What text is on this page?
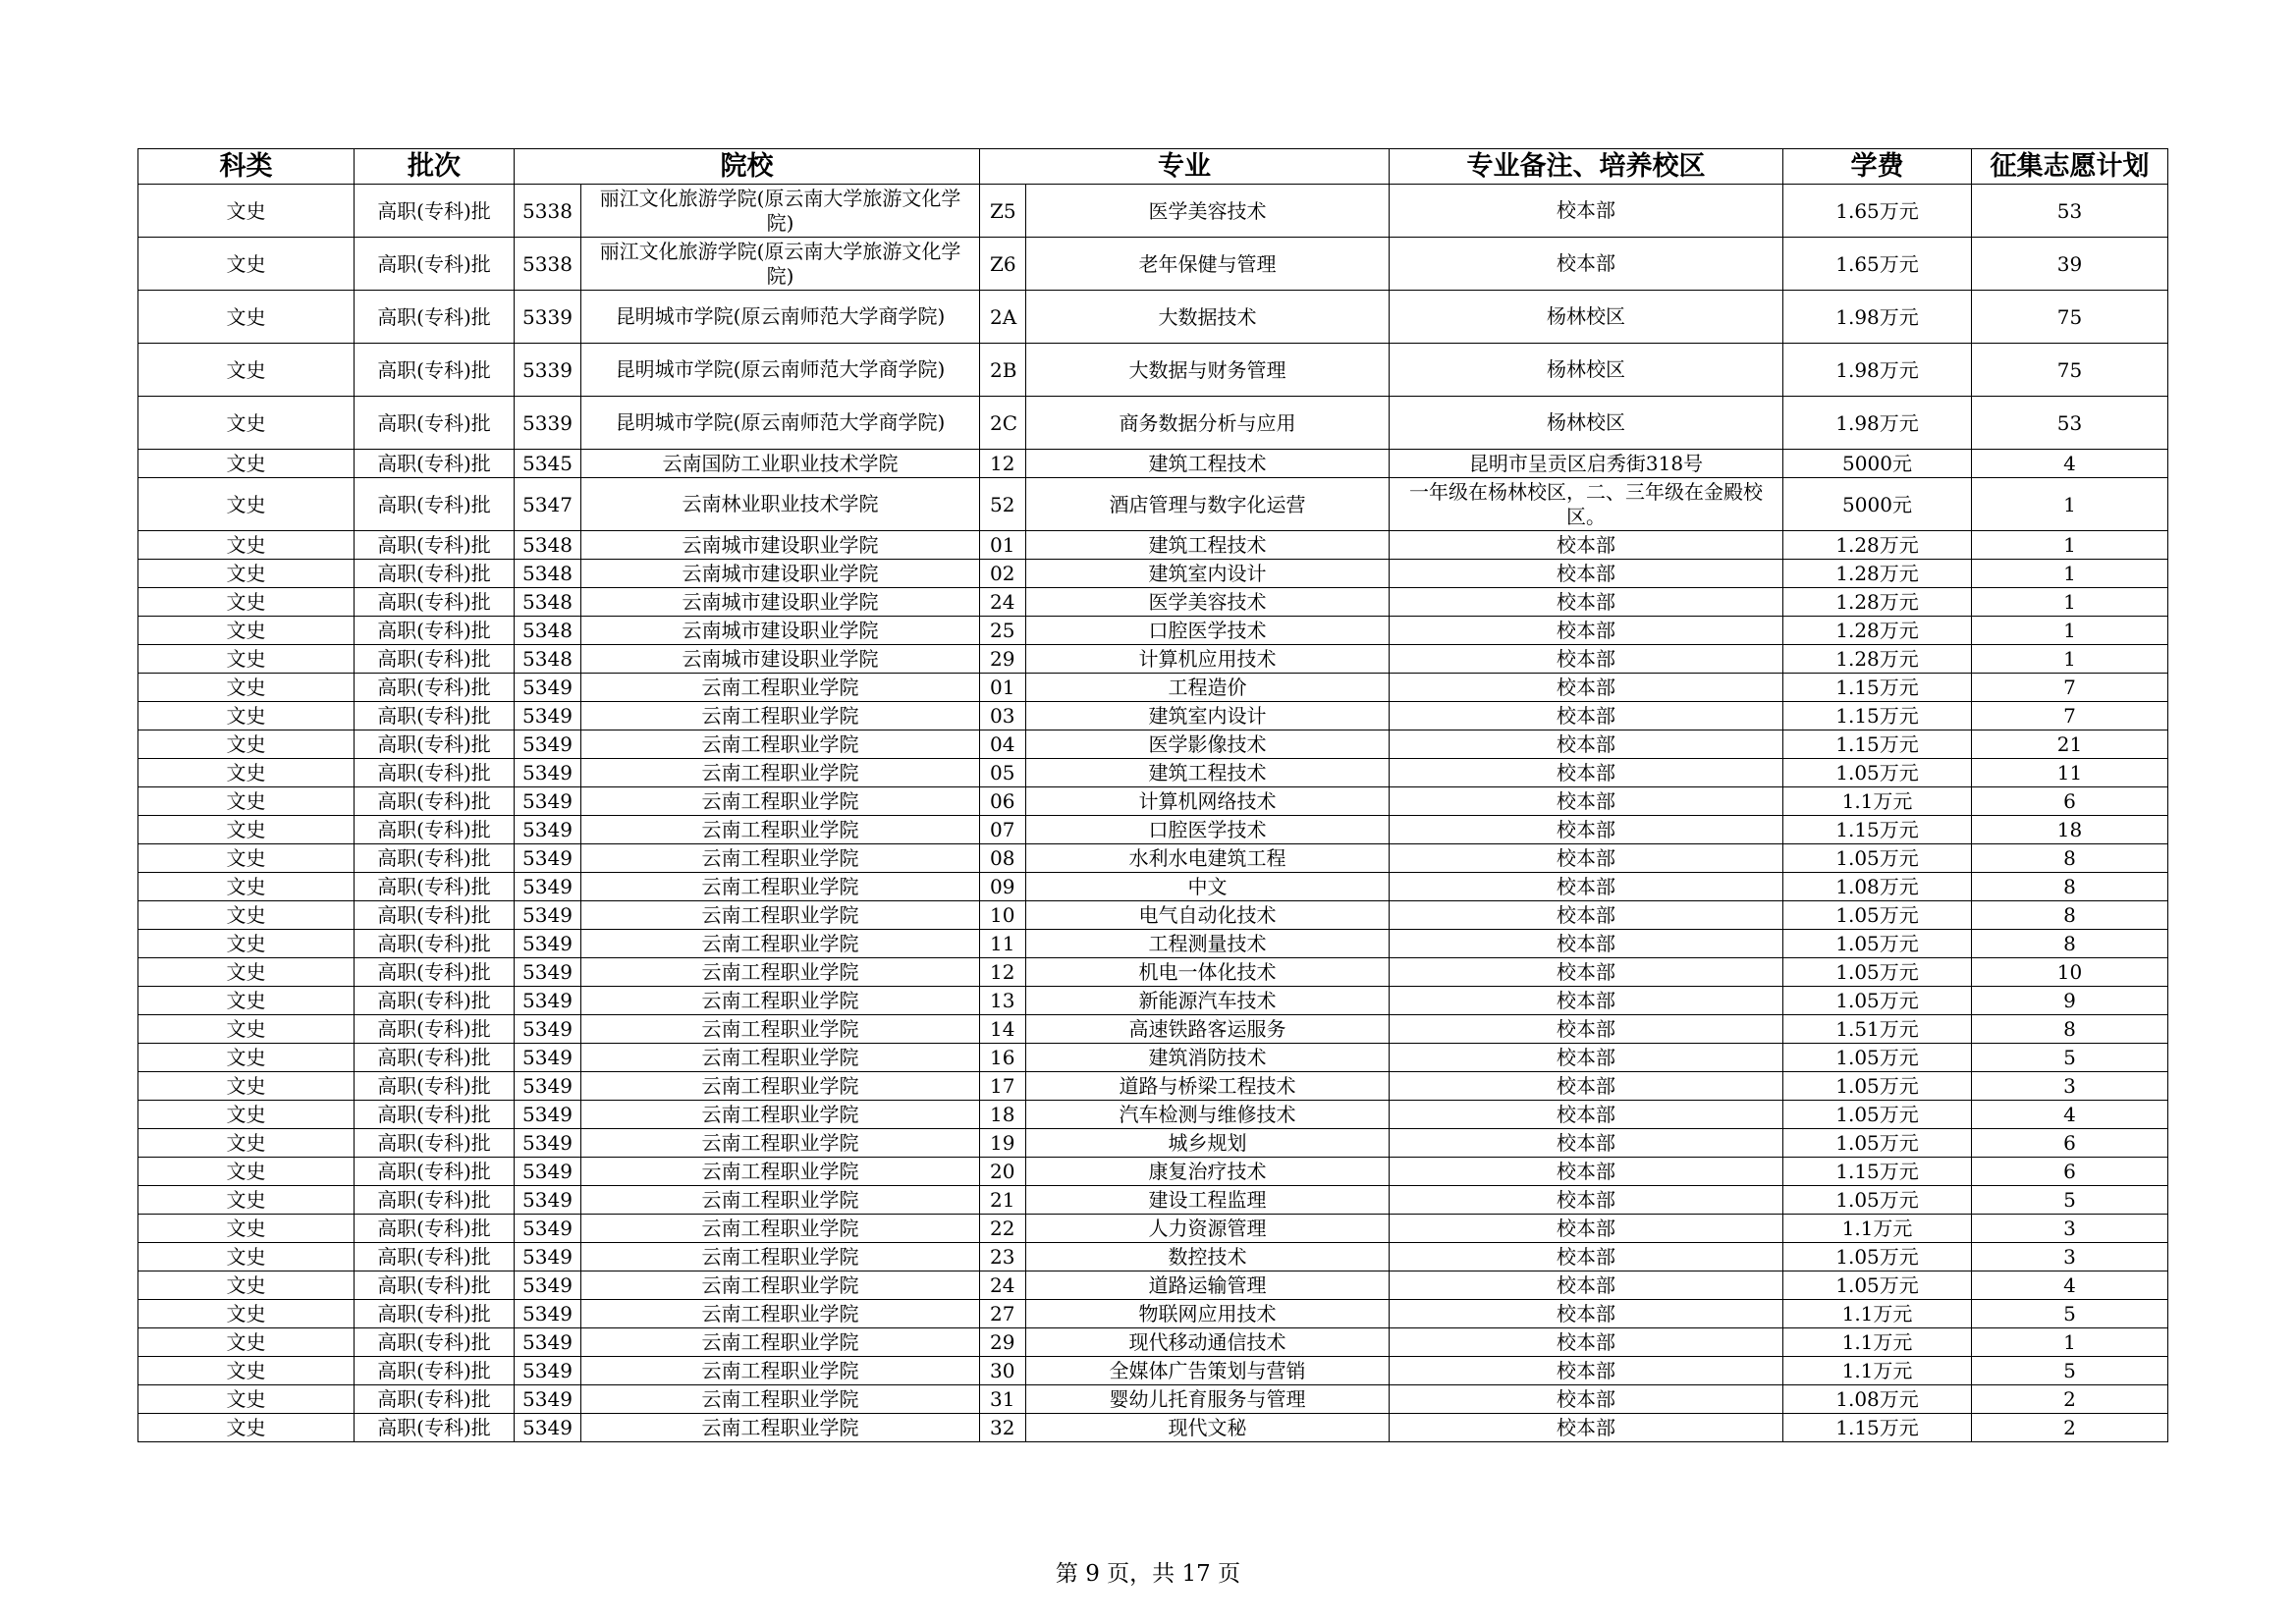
科类	批次	院校		专业		专业备注、培养校区	学费	征集志愿计划
文史	高职(专科)批	5338	丽江文化旅游学院(原云南大学旅游文化学院)	Z5	医学美容技术	校本部	1.65万元	53
文史	高职(专科)批	5338	丽江文化旅游学院(原云南大学旅游文化学院)	Z6	老年保健与管理	校本部	1.65万元	39
文史	高职(专科)批	5339	昆明城市学院(原云南师范大学商学院)	2A	大数据技术	杨林校区	1.98万元	75
文史	高职(专科)批	5339	昆明城市学院(原云南师范大学商学院)	2B	大数据与财务管理	杨林校区	1.98万元	75
文史	高职(专科)批	5339	昆明城市学院(原云南师范大学商学院)	2C	商务数据分析与应用	杨林校区	1.98万元	53
文史	高职(专科)批	5345	云南国防工业职业技术学院	12	建筑工程技术	昆明市呈贡区启秀街318号	5000元	4
文史	高职(专科)批	5347	云南林业职业技术学院	52	酒店管理与数字化运营	一年级在杨林校区，二、三年级在金殿校区。	5000元	1
文史	高职(专科)批	5348	云南城市建设职业学院	01	建筑工程技术	校本部	1.28万元	1
文史	高职(专科)批	5348	云南城市建设职业学院	02	建筑室内设计	校本部	1.28万元	1
文史	高职(专科)批	5348	云南城市建设职业学院	24	医学美容技术	校本部	1.28万元	1
文史	高职(专科)批	5348	云南城市建设职业学院	25	口腔医学技术	校本部	1.28万元	1
文史	高职(专科)批	5348	云南城市建设职业学院	29	计算机应用技术	校本部	1.28万元	1
文史	高职(专科)批	5349	云南工程职业学院	01	工程造价	校本部	1.15万元	7
文史	高职(专科)批	5349	云南工程职业学院	03	建筑室内设计	校本部	1.15万元	7
文史	高职(专科)批	5349	云南工程职业学院	04	医学影像技术	校本部	1.15万元	21
文史	高职(专科)批	5349	云南工程职业学院	05	建筑工程技术	校本部	1.05万元	11
文史	高职(专科)批	5349	云南工程职业学院	06	计算机网络技术	校本部	1.1万元	6
文史	高职(专科)批	5349	云南工程职业学院	07	口腔医学技术	校本部	1.15万元	18
文史	高职(专科)批	5349	云南工程职业学院	08	水利水电建筑工程	校本部	1.05万元	8
文史	高职(专科)批	5349	云南工程职业学院	09	中文	校本部	1.08万元	8
文史	高职(专科)批	5349	云南工程职业学院	10	电气自动化技术	校本部	1.05万元	8
文史	高职(专科)批	5349	云南工程职业学院	11	工程测量技术	校本部	1.05万元	8
文史	高职(专科)批	5349	云南工程职业学院	12	机电一体化技术	校本部	1.05万元	10
文史	高职(专科)批	5349	云南工程职业学院	13	新能源汽车技术	校本部	1.05万元	9
文史	高职(专科)批	5349	云南工程职业学院	14	高速铁路客运服务	校本部	1.51万元	8
文史	高职(专科)批	5349	云南工程职业学院	16	建筑消防技术	校本部	1.05万元	5
文史	高职(专科)批	5349	云南工程职业学院	17	道路与桥梁工程技术	校本部	1.05万元	3
文史	高职(专科)批	5349	云南工程职业学院	18	汽车检测与维修技术	校本部	1.05万元	4
文史	高职(专科)批	5349	云南工程职业学院	19	城乡规划	校本部	1.05万元	6
文史	高职(专科)批	5349	云南工程职业学院	20	康复治疗技术	校本部	1.15万元	6
文史	高职(专科)批	5349	云南工程职业学院	21	建设工程监理	校本部	1.05万元	5
文史	高职(专科)批	5349	云南工程职业学院	22	人力资源管理	校本部	1.1万元	3
文史	高职(专科)批	5349	云南工程职业学院	23	数控技术	校本部	1.05万元	3
文史	高职(专科)批	5349	云南工程职业学院	24	道路运输管理	校本部	1.05万元	4
文史	高职(专科)批	5349	云南工程职业学院	27	物联网应用技术	校本部	1.1万元	5
文史	高职(专科)批	5349	云南工程职业学院	29	现代移动通信技术	校本部	1.1万元	1
文史	高职(专科)批	5349	云南工程职业学院	30	全媒体广告策划与营销	校本部	1.1万元	5
文史	高职(专科)批	5349	云南工程职业学院	31	婴幼儿托育服务与管理	校本部	1.08万元	2
文史	高职(专科)批	5349	云南工程职业学院	32	现代文秘	校本部	1.15万元	2
第 9 页，共 17 页
